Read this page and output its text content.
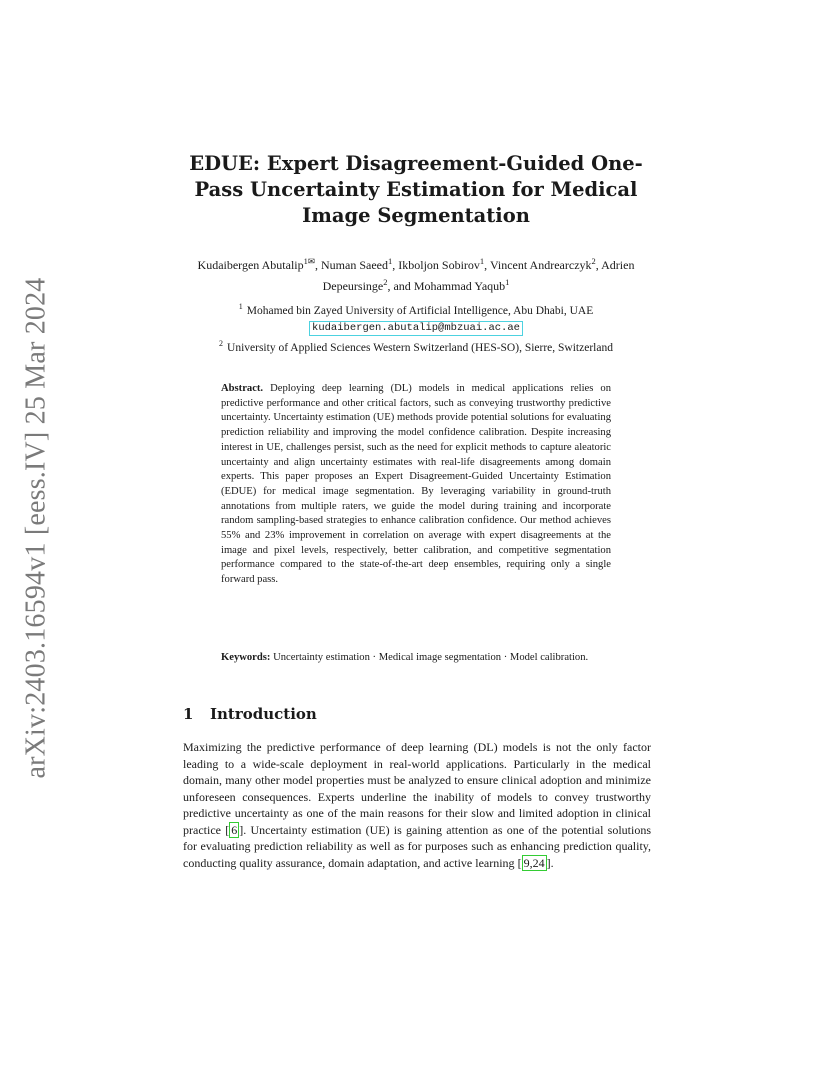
arXiv:2403.16594v1 [eess.IV] 25 Mar 2024
EDUE: Expert Disagreement-Guided One-Pass Uncertainty Estimation for Medical Image Segmentation
Kudaibergen Abutalip$^{1✉}$, Numan Saeed$^1$, Ikboljon Sobirov$^1$, Vincent Andrearczyk$^2$, Adrien Depeursinge$^2$, and Mohammad Yaqub$^1$
$^1$ Mohamed bin Zayed University of Artificial Intelligence, Abu Dhabi, UAE
kudaibergen.abutalip@mbzuai.ac.ae
$^2$ University of Applied Sciences Western Switzerland (HES-SO), Sierre, Switzerland
Abstract. Deploying deep learning (DL) models in medical applications relies on predictive performance and other critical factors, such as conveying trustworthy predictive uncertainty. Uncertainty estimation (UE) methods provide potential solutions for evaluating prediction reliability and improving the model confidence calibration. Despite increasing interest in UE, challenges persist, such as the need for explicit methods to capture aleatoric uncertainty and align uncertainty estimates with real-life disagreements among domain experts. This paper proposes an Expert Disagreement-Guided Uncertainty Estimation (EDUE) for medical image segmentation. By leveraging variability in ground-truth annotations from multiple raters, we guide the model during training and incorporate random sampling-based strategies to enhance calibration confidence. Our method achieves 55% and 23% improvement in correlation on average with expert disagreements at the image and pixel levels, respectively, better calibration, and competitive segmentation performance compared to the state-of-the-art deep ensembles, requiring only a single forward pass.
Keywords: Uncertainty estimation · Medical image segmentation · Model calibration.
1 Introduction
Maximizing the predictive performance of deep learning (DL) models is not the only factor leading to a wide-scale deployment in real-world applications. Particularly in the medical domain, many other model properties must be analyzed to ensure clinical adoption and minimize unforeseen consequences. Experts underline the inability of models to convey trustworthy predictive uncertainty as one of the main reasons for their slow and limited adoption in clinical practice [ 6 ]. Uncertainty estimation (UE) is gaining attention as one of the potential solutions for evaluating prediction reliability as well as for purposes such as enhancing prediction quality, conducting quality assurance, domain adaptation, and active learning [ 9,24 ].
